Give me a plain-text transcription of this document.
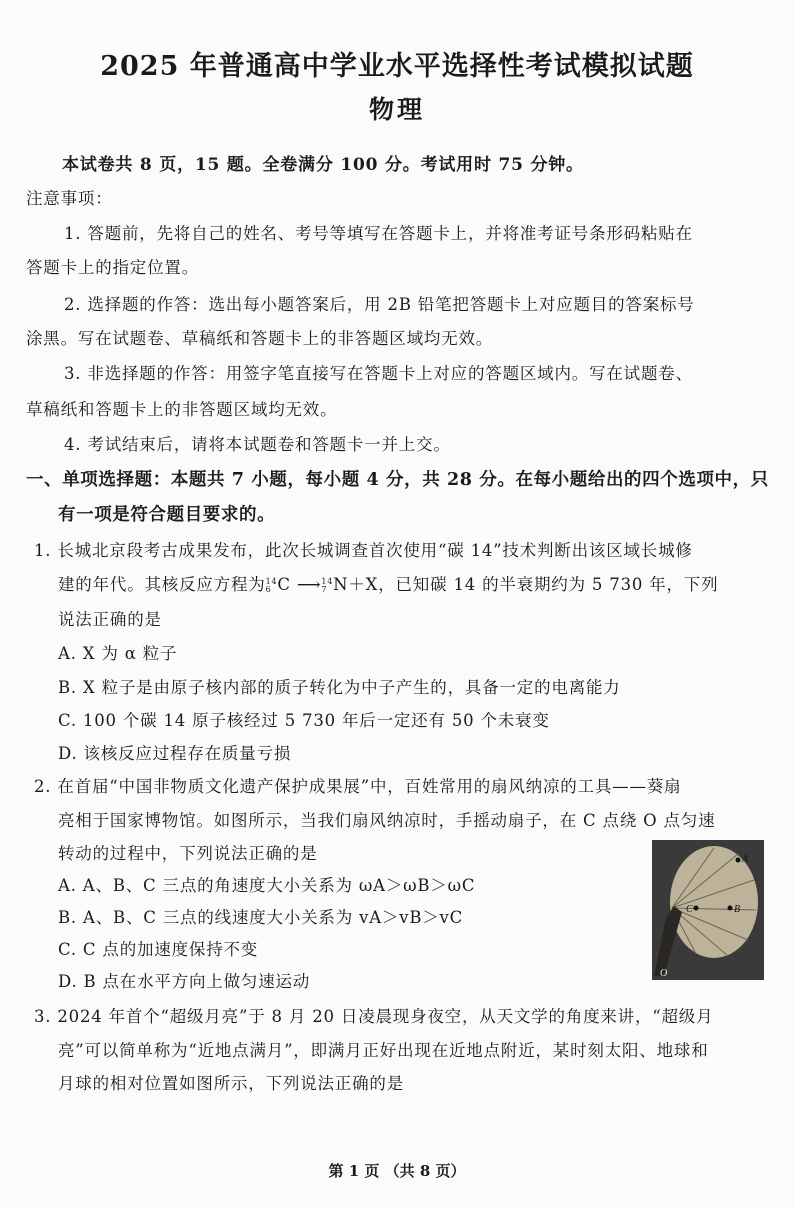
2025 年普通高中学业水平选择性考试模拟试题
物理
本试卷共 8 页，15 题。全卷满分 100 分。考试用时 75 分钟。
注意事项：
1. 答题前，先将自己的姓名、考号等填写在答题卡上，并将准考证号条形码粘贴在
答题卡上的指定位置。
2. 选择题的作答：选出每小题答案后，用 2B 铅笔把答题卡上对应题目的答案标号
涂黑。写在试题卷、草稿纸和答题卡上的非答题区域均无效。
3. 非选择题的作答：用签字笔直接写在答题卡上对应的答题区域内。写在试题卷、
草稿纸和答题卡上的非答题区域均无效。
4. 考试结束后，请将本试题卷和答题卡一并上交。
一、单项选择题：本题共 7 小题，每小题 4 分，共 28 分。在每小题给出的四个选项中，只
有一项是符合题目要求的。
1. 长城北京段考古成果发布，此次长城调查首次使用“碳 14”技术判断出该区域长城修
建的年代。其核反应方程为 14
6 C ⟶ 14
7 N＋X，已知碳 14 的半衰期约为 5 730 年，下列
说法正确的是
A. X 为 α 粒子
B. X 粒子是由原子核内部的质子转化为中子产生的，具备一定的电离能力
C. 100 个碳 14 原子核经过 5 730 年后一定还有 50 个未衰变
D. 该核反应过程存在质量亏损
2. 在首届“中国非物质文化遗产保护成果展”中，百姓常用的扇风纳凉的工具——葵扇
亮相于国家博物馆。如图所示，当我们扇风纳凉时，手摇动扇子，在 C 点绕 O 点匀速
转动的过程中，下列说法正确的是
A. A、B、C 三点的角速度大小关系为 ωA＞ωB＞ωC
B. A、B、C 三点的线速度大小关系为 vA＞vB＞vC
C. C 点的加速度保持不变
D. B 点在水平方向上做匀速运动
A
B
C
O
3. 2024 年首个“超级月亮”于 8 月 20 日凌晨现身夜空，从天文学的角度来讲，“超级月
亮”可以简单称为“近地点满月”，即满月正好出现在近地点附近，某时刻太阳、地球和
月球的相对位置如图所示，下列说法正确的是
第 1 页 （共 8 页）
